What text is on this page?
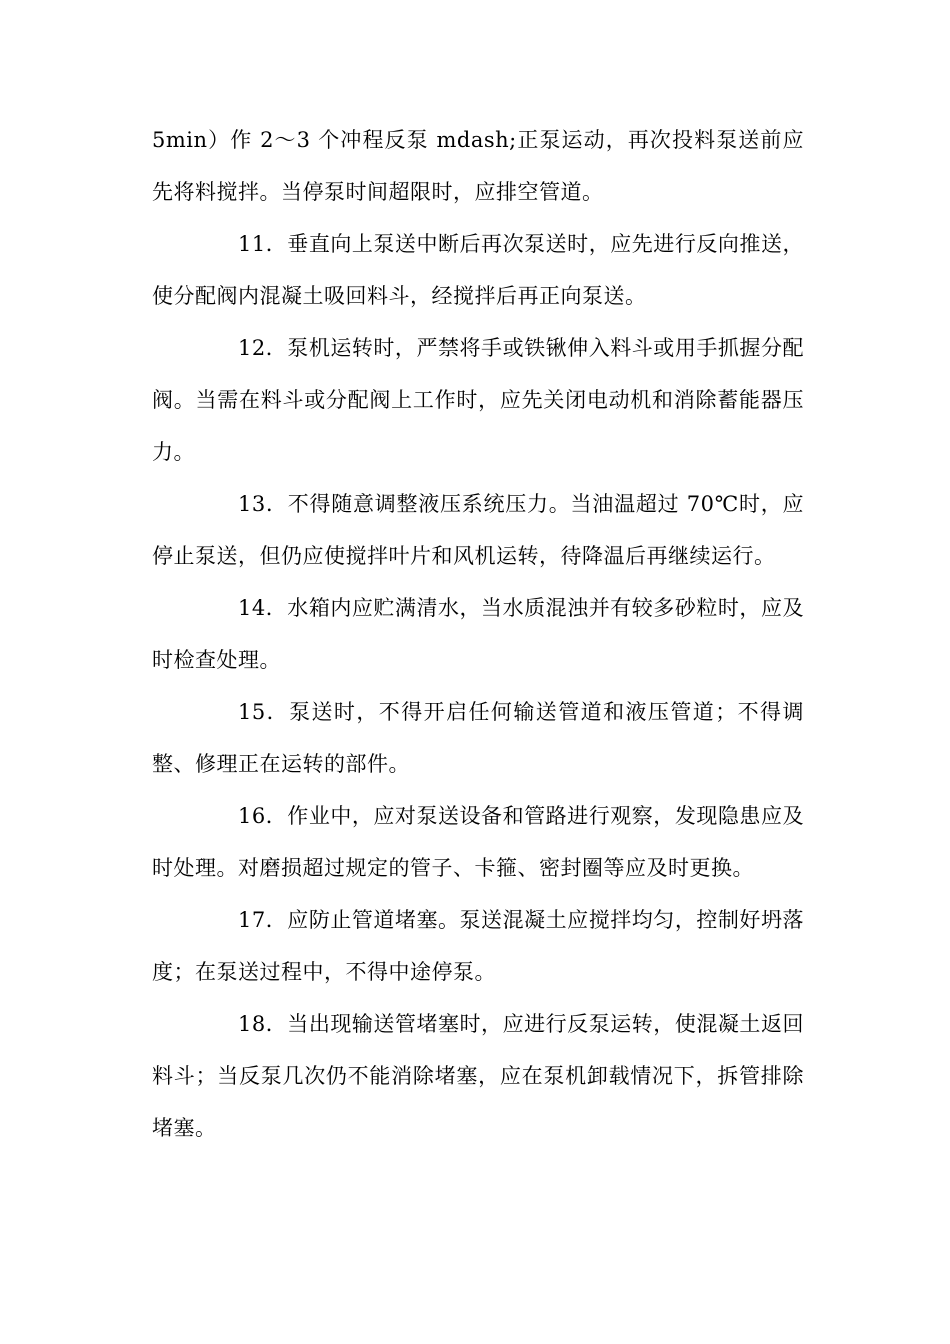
5min）作 2～3 个冲程反泵 mdash;正泵运动，再次投料泵送前应先将料搅拌。当停泵时间超限时，应排空管道。

11．垂直向上泵送中断后再次泵送时，应先进行反向推送，使分配阀内混凝土吸回料斗，经搅拌后再正向泵送。

12．泵机运转时，严禁将手或铁锹伸入料斗或用手抓握分配阀。当需在料斗或分配阀上工作时，应先关闭电动机和消除蓄能器压力。

13．不得随意调整液压系统压力。当油温超过 70℃时，应停止泵送，但仍应使搅拌叶片和风机运转，待降温后再继续运行。

14．水箱内应贮满清水，当水质混浊并有较多砂粒时，应及时检查处理。

15．泵送时，不得开启任何输送管道和液压管道；不得调整、修理正在运转的部件。

16．作业中，应对泵送设备和管路进行观察，发现隐患应及时处理。对磨损超过规定的管子、卡箍、密封圈等应及时更换。

17．应防止管道堵塞。泵送混凝土应搅拌均匀，控制好坍落度；在泵送过程中，不得中途停泵。

18．当出现输送管堵塞时，应进行反泵运转，使混凝土返回料斗；当反泵几次仍不能消除堵塞，应在泵机卸载情况下，拆管排除堵塞。
